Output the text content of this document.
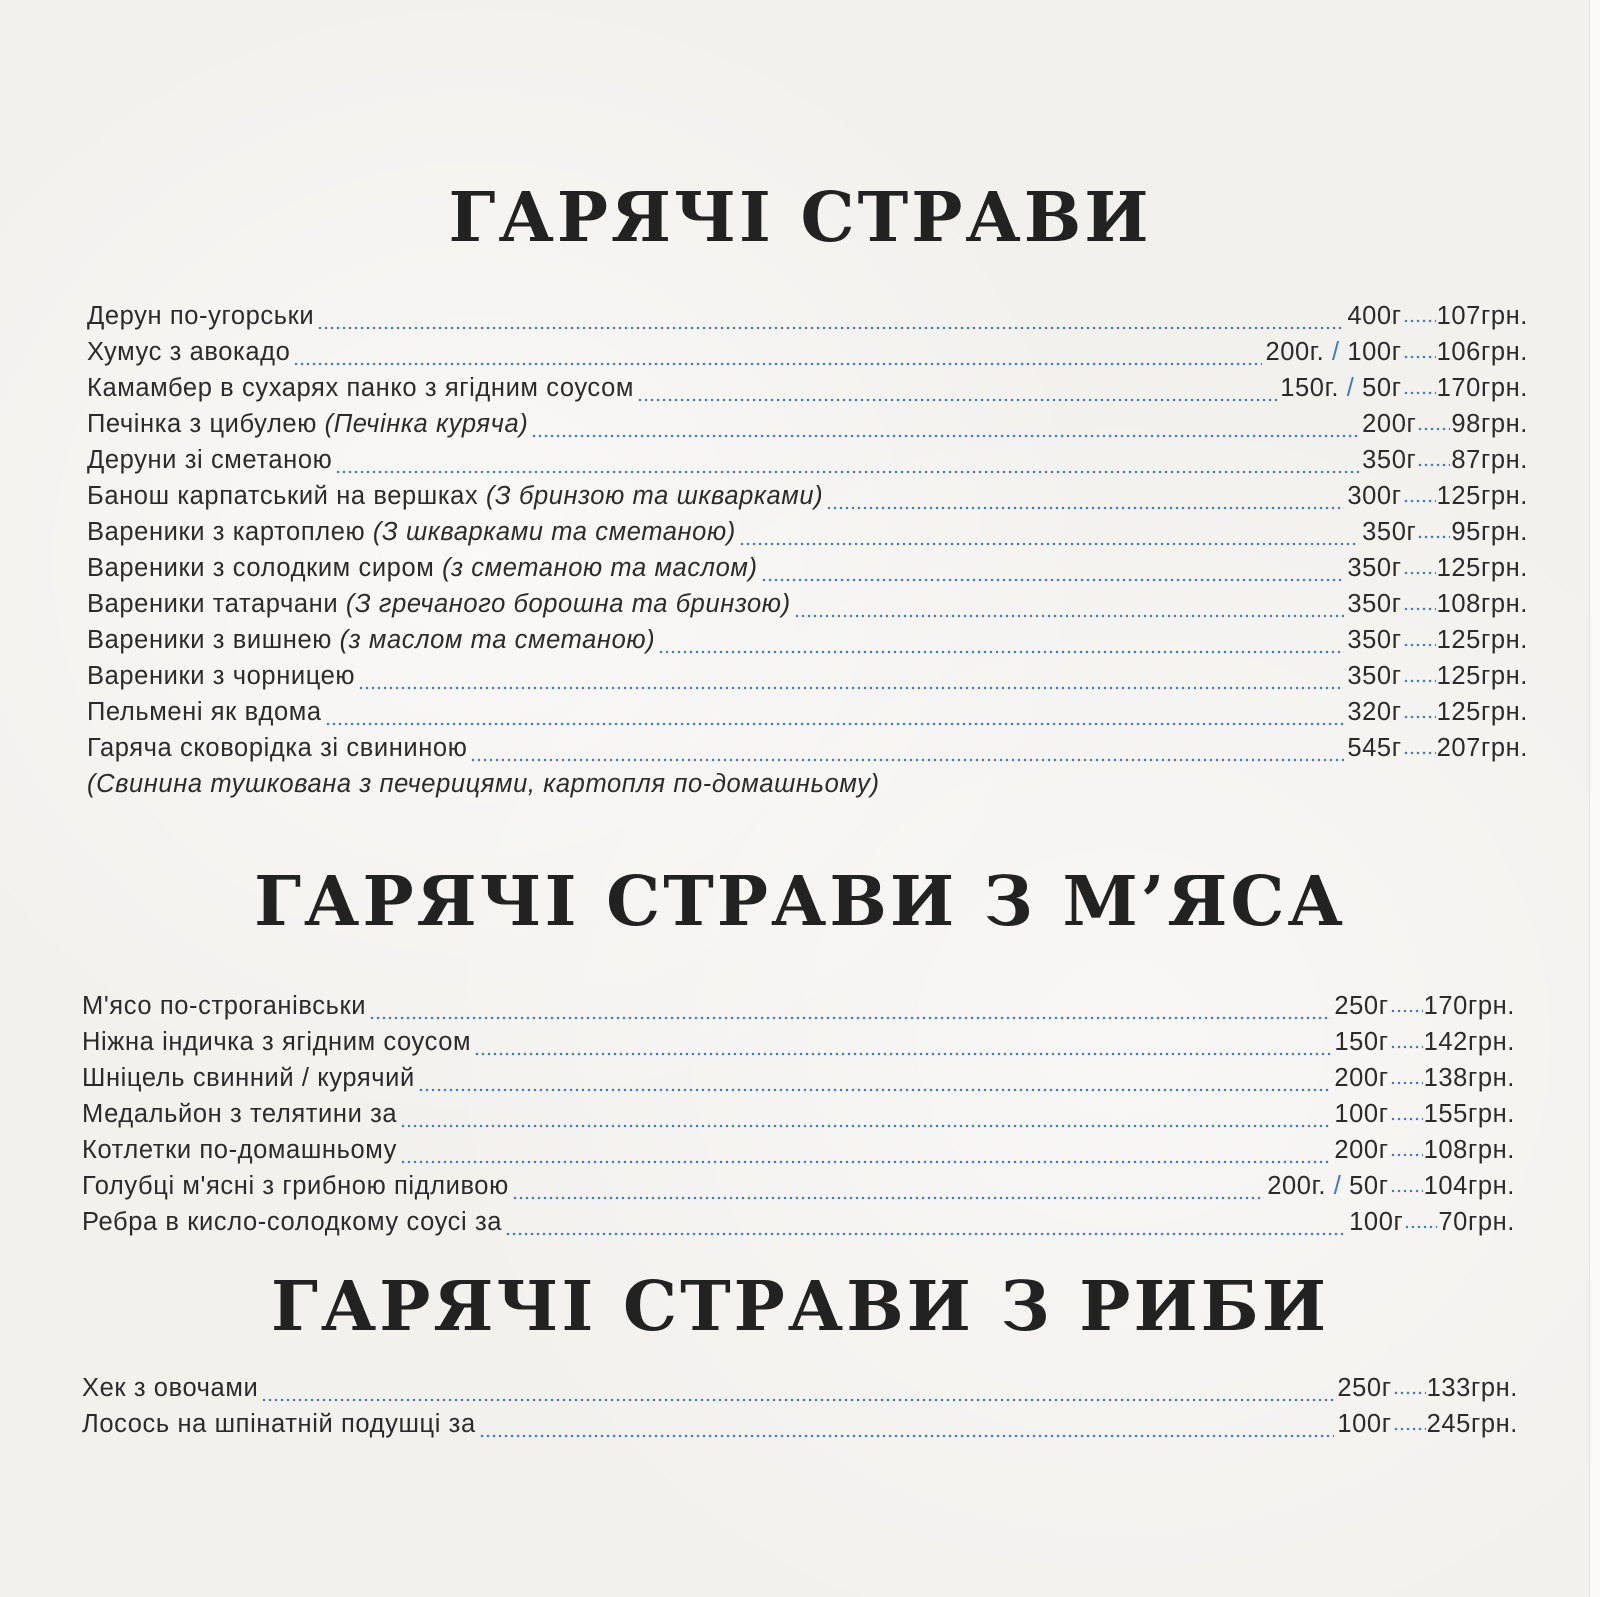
ГАРЯЧІ СТРАВИ
Дерун по-угорськи	400г 107грн.
Хумус з авокадо	200г. / 100г 106грн.
Камамбер в сухарях панко з ягідним соусом	150г. / 50г 170грн.
Печінка з цибулею (Печінка куряча)	200г 98грн.
Деруни зі сметаною	350г 87грн.
Банош карпатський на вершках (З бринзою та шкварками)	300г 125грн.
Вареники з картоплею (З шкварками та сметаною)	350г 95грн.
Вареники з солодким сиром (з сметаною та маслом)	350г 125грн.
Вареники татарчани (З гречаного борошна та бринзою)	350г 108грн.
Вареники з вишнею (з маслом та сметаною)	350г 125грн.
Вареники з чорницею	350г 125грн.
Пельмені як вдома	320г 125грн.
Гаряча сковорідка зі свининою	545г 207грн.
(Свинина тушкована з печерицями, картопля по-домашньому)
ГАРЯЧІ СТРАВИ З М’ЯСА
М'ясо по-строганівськи	250г 170грн.
Ніжна індичка з ягідним соусом	150г 142грн.
Шніцель свинний / курячий	200г 138грн.
Медальйон з телятини за	100г 155грн.
Котлетки по-домашньому	200г 108грн.
Голубці м'ясні з грибною підливою	200г. / 50г 104грн.
Ребра в кисло-солодкому соусі за	100г 70грн.
ГАРЯЧІ СТРАВИ З РИБИ
Хек з овочами	250г 133грн.
Лосось на шпінатній подушці за	100г 245грн.
